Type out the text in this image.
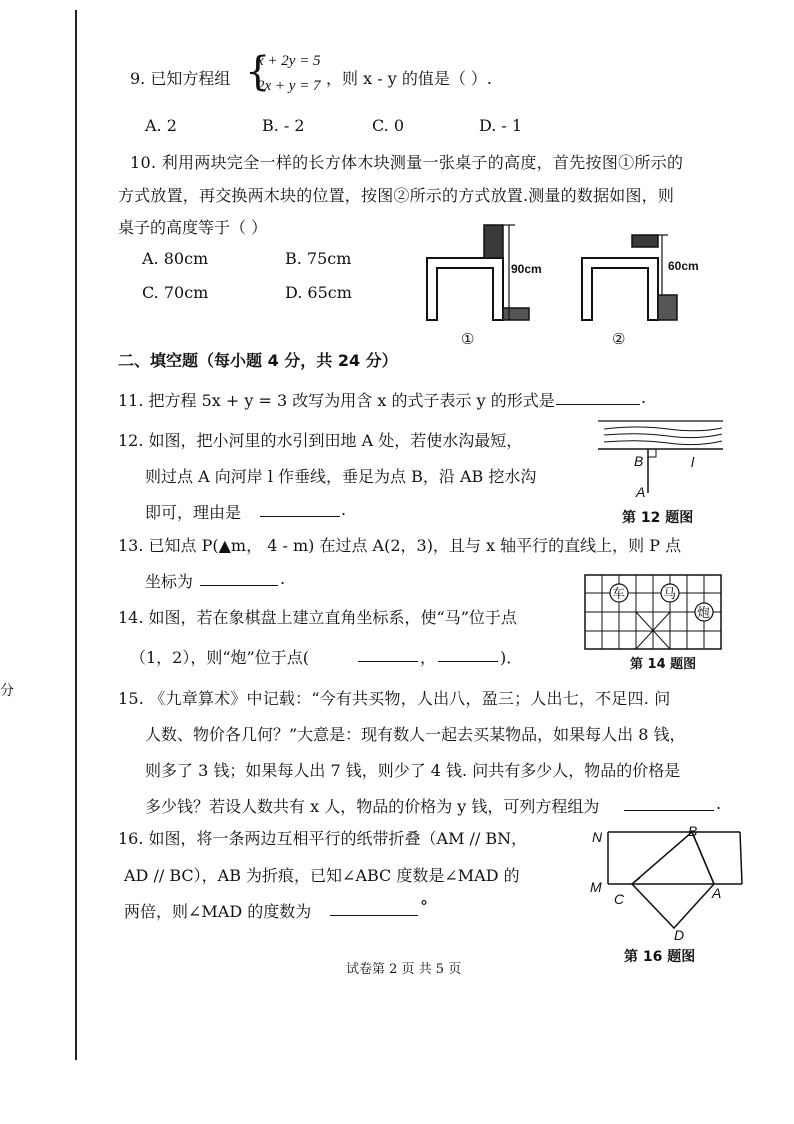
分
9. 已知方程组 {
x + 2y = 5
2x + y = 7 ，则 x - y 的值是（ ）.
A. 2	B. - 2	C. 0	D. - 1
10. 利用两块完全一样的长方体木块测量一张桌子的高度，首先按图①所示的
方式放置，再交换两木块的位置，按图②所示的方式放置.测量的数据如图，则
桌子的高度等于（ ）
A. 80cm	B. 75cm
C. 70cm	D. 65cm
90cm
①
60cm
②
二、填空题（每小题 4 分，共 24 分）
11. 把方程 5x + y = 3 改写为用含 x 的式子表示 y 的形式是	.
12. 如图，把小河里的水引到田地 A 处，若使水沟最短，
则过点 A 向河岸 l 作垂线，垂足为点 B，沿 AB 挖水沟
即可，理由是	.
B	l
A
第 12 题图
13. 已知点 P(▲m， 4 - m) 在过点 A(2，3)，且与 x 轴平行的直线上，则 P 点
坐标为	.
14. 如图，若在象棋盘上建立直角坐标系，使“马”位于点
（1，2），则“炮”位于点(	，	)．
车	马
炮
第 14 题图
15. 《九章算术》中记载：“今有共买物，人出八，盈三；人出七，不足四. 问
人数、物价各几何？”大意是：现有数人一起去买某物品，如果每人出 8 钱，
则多了 3 钱；如果每人出 7 钱，则少了 4 钱. 问共有多少人，物品的价格是
多少钱？若设人数共有 x 人，物品的价格为 y 钱，可列方程组为	.
16. 如图，将一条两边互相平行的纸带折叠（AM // BN，
AD // BC），AB 为折痕，已知∠ABC 度数是∠MAD 的
两倍，则∠MAD 的度数为	°
N	B
M
C	A
D
第 16 题图
试卷第 2 页 共 5 页
